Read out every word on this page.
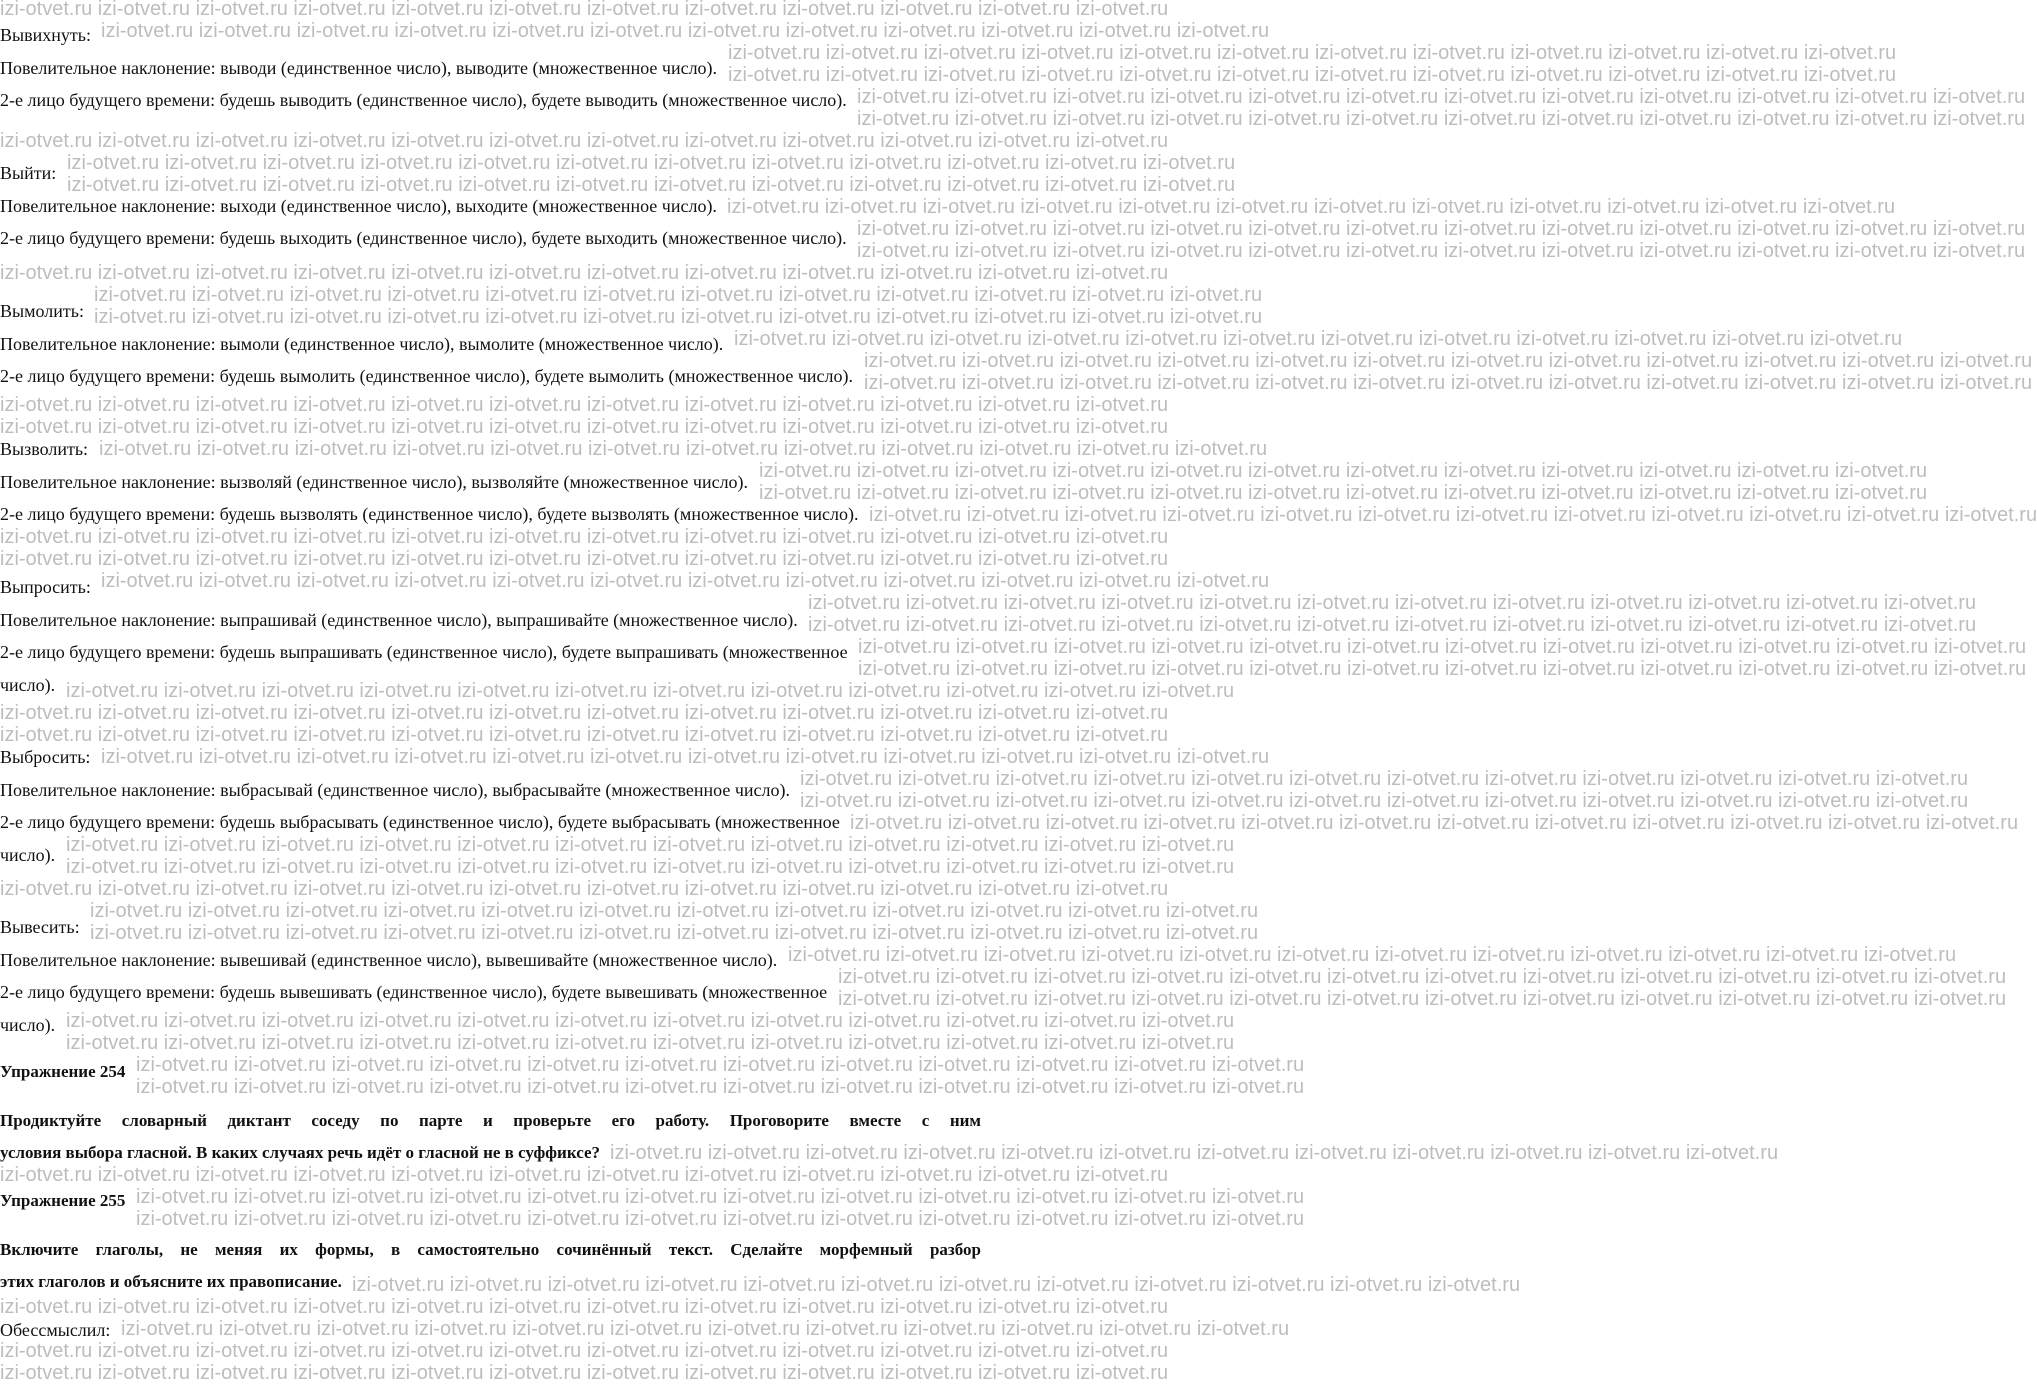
izi-otvet.ru izi-otvet.ru izi-otvet.ru izi-otvet.ru izi-otvet.ru izi-otvet.ru izi-otvet.ru izi-otvet.ru izi-otvet.ru izi-otvet.ru izi-otvet.ru izi-otvet.ru
izi-otvet.ru izi-otvet.ru izi-otvet.ru izi-otvet.ru izi-otvet.ru izi-otvet.ru izi-otvet.ru izi-otvet.ru izi-otvet.ru izi-otvet.ru izi-otvet.ru izi-otvet.ru
izi-otvet.ru izi-otvet.ru izi-otvet.ru izi-otvet.ru izi-otvet.ru izi-otvet.ru izi-otvet.ru izi-otvet.ru izi-otvet.ru izi-otvet.ru izi-otvet.ru izi-otvet.ru
izi-otvet.ru izi-otvet.ru izi-otvet.ru izi-otvet.ru izi-otvet.ru izi-otvet.ru izi-otvet.ru izi-otvet.ru izi-otvet.ru izi-otvet.ru izi-otvet.ru izi-otvet.ru
izi-otvet.ru izi-otvet.ru izi-otvet.ru izi-otvet.ru izi-otvet.ru izi-otvet.ru izi-otvet.ru izi-otvet.ru izi-otvet.ru izi-otvet.ru izi-otvet.ru izi-otvet.ru
izi-otvet.ru izi-otvet.ru izi-otvet.ru izi-otvet.ru izi-otvet.ru izi-otvet.ru izi-otvet.ru izi-otvet.ru izi-otvet.ru izi-otvet.ru izi-otvet.ru izi-otvet.ru
izi-otvet.ru izi-otvet.ru izi-otvet.ru izi-otvet.ru izi-otvet.ru izi-otvet.ru izi-otvet.ru izi-otvet.ru izi-otvet.ru izi-otvet.ru izi-otvet.ru izi-otvet.ru
izi-otvet.ru izi-otvet.ru izi-otvet.ru izi-otvet.ru izi-otvet.ru izi-otvet.ru izi-otvet.ru izi-otvet.ru izi-otvet.ru izi-otvet.ru izi-otvet.ru izi-otvet.ru
izi-otvet.ru izi-otvet.ru izi-otvet.ru izi-otvet.ru izi-otvet.ru izi-otvet.ru izi-otvet.ru izi-otvet.ru izi-otvet.ru izi-otvet.ru izi-otvet.ru izi-otvet.ru
izi-otvet.ru izi-otvet.ru izi-otvet.ru izi-otvet.ru izi-otvet.ru izi-otvet.ru izi-otvet.ru izi-otvet.ru izi-otvet.ru izi-otvet.ru izi-otvet.ru izi-otvet.ru
izi-otvet.ru izi-otvet.ru izi-otvet.ru izi-otvet.ru izi-otvet.ru izi-otvet.ru izi-otvet.ru izi-otvet.ru izi-otvet.ru izi-otvet.ru izi-otvet.ru izi-otvet.ru
izi-otvet.ru izi-otvet.ru izi-otvet.ru izi-otvet.ru izi-otvet.ru izi-otvet.ru izi-otvet.ru izi-otvet.ru izi-otvet.ru izi-otvet.ru izi-otvet.ru izi-otvet.ru
izi-otvet.ru izi-otvet.ru izi-otvet.ru izi-otvet.ru izi-otvet.ru izi-otvet.ru izi-otvet.ru izi-otvet.ru izi-otvet.ru izi-otvet.ru izi-otvet.ru izi-otvet.ru
izi-otvet.ru izi-otvet.ru izi-otvet.ru izi-otvet.ru izi-otvet.ru izi-otvet.ru izi-otvet.ru izi-otvet.ru izi-otvet.ru izi-otvet.ru izi-otvet.ru izi-otvet.ru
izi-otvet.ru izi-otvet.ru izi-otvet.ru izi-otvet.ru izi-otvet.ru izi-otvet.ru izi-otvet.ru izi-otvet.ru izi-otvet.ru izi-otvet.ru izi-otvet.ru izi-otvet.ru
izi-otvet.ru izi-otvet.ru izi-otvet.ru izi-otvet.ru izi-otvet.ru izi-otvet.ru izi-otvet.ru izi-otvet.ru izi-otvet.ru izi-otvet.ru izi-otvet.ru izi-otvet.ru
izi-otvet.ru izi-otvet.ru izi-otvet.ru izi-otvet.ru izi-otvet.ru izi-otvet.ru izi-otvet.ru izi-otvet.ru izi-otvet.ru izi-otvet.ru izi-otvet.ru izi-otvet.ru
izi-otvet.ru izi-otvet.ru izi-otvet.ru izi-otvet.ru izi-otvet.ru izi-otvet.ru izi-otvet.ru izi-otvet.ru izi-otvet.ru izi-otvet.ru izi-otvet.ru izi-otvet.ru
izi-otvet.ru izi-otvet.ru izi-otvet.ru izi-otvet.ru izi-otvet.ru izi-otvet.ru izi-otvet.ru izi-otvet.ru izi-otvet.ru izi-otvet.ru izi-otvet.ru izi-otvet.ru
izi-otvet.ru izi-otvet.ru izi-otvet.ru izi-otvet.ru izi-otvet.ru izi-otvet.ru izi-otvet.ru izi-otvet.ru izi-otvet.ru izi-otvet.ru izi-otvet.ru izi-otvet.ru
izi-otvet.ru izi-otvet.ru izi-otvet.ru izi-otvet.ru izi-otvet.ru izi-otvet.ru izi-otvet.ru izi-otvet.ru izi-otvet.ru izi-otvet.ru izi-otvet.ru izi-otvet.ru
izi-otvet.ru izi-otvet.ru izi-otvet.ru izi-otvet.ru izi-otvet.ru izi-otvet.ru izi-otvet.ru izi-otvet.ru izi-otvet.ru izi-otvet.ru izi-otvet.ru izi-otvet.ru
izi-otvet.ru izi-otvet.ru izi-otvet.ru izi-otvet.ru izi-otvet.ru izi-otvet.ru izi-otvet.ru izi-otvet.ru izi-otvet.ru izi-otvet.ru izi-otvet.ru izi-otvet.ru
izi-otvet.ru izi-otvet.ru izi-otvet.ru izi-otvet.ru izi-otvet.ru izi-otvet.ru izi-otvet.ru izi-otvet.ru izi-otvet.ru izi-otvet.ru izi-otvet.ru izi-otvet.ru
izi-otvet.ru izi-otvet.ru izi-otvet.ru izi-otvet.ru izi-otvet.ru izi-otvet.ru izi-otvet.ru izi-otvet.ru izi-otvet.ru izi-otvet.ru izi-otvet.ru izi-otvet.ru
izi-otvet.ru izi-otvet.ru izi-otvet.ru izi-otvet.ru izi-otvet.ru izi-otvet.ru izi-otvet.ru izi-otvet.ru izi-otvet.ru izi-otvet.ru izi-otvet.ru izi-otvet.ru
izi-otvet.ru izi-otvet.ru izi-otvet.ru izi-otvet.ru izi-otvet.ru izi-otvet.ru izi-otvet.ru izi-otvet.ru izi-otvet.ru izi-otvet.ru izi-otvet.ru izi-otvet.ru
izi-otvet.ru izi-otvet.ru izi-otvet.ru izi-otvet.ru izi-otvet.ru izi-otvet.ru izi-otvet.ru izi-otvet.ru izi-otvet.ru izi-otvet.ru izi-otvet.ru izi-otvet.ru
izi-otvet.ru izi-otvet.ru izi-otvet.ru izi-otvet.ru izi-otvet.ru izi-otvet.ru izi-otvet.ru izi-otvet.ru izi-otvet.ru izi-otvet.ru izi-otvet.ru izi-otvet.ru
izi-otvet.ru izi-otvet.ru izi-otvet.ru izi-otvet.ru izi-otvet.ru izi-otvet.ru izi-otvet.ru izi-otvet.ru izi-otvet.ru izi-otvet.ru izi-otvet.ru izi-otvet.ru
izi-otvet.ru izi-otvet.ru izi-otvet.ru izi-otvet.ru izi-otvet.ru izi-otvet.ru izi-otvet.ru izi-otvet.ru izi-otvet.ru izi-otvet.ru izi-otvet.ru izi-otvet.ru
izi-otvet.ru izi-otvet.ru izi-otvet.ru izi-otvet.ru izi-otvet.ru izi-otvet.ru izi-otvet.ru izi-otvet.ru izi-otvet.ru izi-otvet.ru izi-otvet.ru izi-otvet.ru
izi-otvet.ru izi-otvet.ru izi-otvet.ru izi-otvet.ru izi-otvet.ru izi-otvet.ru izi-otvet.ru izi-otvet.ru izi-otvet.ru izi-otvet.ru izi-otvet.ru izi-otvet.ru
izi-otvet.ru izi-otvet.ru izi-otvet.ru izi-otvet.ru izi-otvet.ru izi-otvet.ru izi-otvet.ru izi-otvet.ru izi-otvet.ru izi-otvet.ru izi-otvet.ru izi-otvet.ru
izi-otvet.ru izi-otvet.ru izi-otvet.ru izi-otvet.ru izi-otvet.ru izi-otvet.ru izi-otvet.ru izi-otvet.ru izi-otvet.ru izi-otvet.ru izi-otvet.ru izi-otvet.ru
izi-otvet.ru izi-otvet.ru izi-otvet.ru izi-otvet.ru izi-otvet.ru izi-otvet.ru izi-otvet.ru izi-otvet.ru izi-otvet.ru izi-otvet.ru izi-otvet.ru izi-otvet.ru
izi-otvet.ru izi-otvet.ru izi-otvet.ru izi-otvet.ru izi-otvet.ru izi-otvet.ru izi-otvet.ru izi-otvet.ru izi-otvet.ru izi-otvet.ru izi-otvet.ru izi-otvet.ru
izi-otvet.ru izi-otvet.ru izi-otvet.ru izi-otvet.ru izi-otvet.ru izi-otvet.ru izi-otvet.ru izi-otvet.ru izi-otvet.ru izi-otvet.ru izi-otvet.ru izi-otvet.ru
izi-otvet.ru izi-otvet.ru izi-otvet.ru izi-otvet.ru izi-otvet.ru izi-otvet.ru izi-otvet.ru izi-otvet.ru izi-otvet.ru izi-otvet.ru izi-otvet.ru izi-otvet.ru
izi-otvet.ru izi-otvet.ru izi-otvet.ru izi-otvet.ru izi-otvet.ru izi-otvet.ru izi-otvet.ru izi-otvet.ru izi-otvet.ru izi-otvet.ru izi-otvet.ru izi-otvet.ru
izi-otvet.ru izi-otvet.ru izi-otvet.ru izi-otvet.ru izi-otvet.ru izi-otvet.ru izi-otvet.ru izi-otvet.ru izi-otvet.ru izi-otvet.ru izi-otvet.ru izi-otvet.ru
izi-otvet.ru izi-otvet.ru izi-otvet.ru izi-otvet.ru izi-otvet.ru izi-otvet.ru izi-otvet.ru izi-otvet.ru izi-otvet.ru izi-otvet.ru izi-otvet.ru izi-otvet.ru
izi-otvet.ru izi-otvet.ru izi-otvet.ru izi-otvet.ru izi-otvet.ru izi-otvet.ru izi-otvet.ru izi-otvet.ru izi-otvet.ru izi-otvet.ru izi-otvet.ru izi-otvet.ru
izi-otvet.ru izi-otvet.ru izi-otvet.ru izi-otvet.ru izi-otvet.ru izi-otvet.ru izi-otvet.ru izi-otvet.ru izi-otvet.ru izi-otvet.ru izi-otvet.ru izi-otvet.ru
izi-otvet.ru izi-otvet.ru izi-otvet.ru izi-otvet.ru izi-otvet.ru izi-otvet.ru izi-otvet.ru izi-otvet.ru izi-otvet.ru izi-otvet.ru izi-otvet.ru izi-otvet.ru
izi-otvet.ru izi-otvet.ru izi-otvet.ru izi-otvet.ru izi-otvet.ru izi-otvet.ru izi-otvet.ru izi-otvet.ru izi-otvet.ru izi-otvet.ru izi-otvet.ru izi-otvet.ru
izi-otvet.ru izi-otvet.ru izi-otvet.ru izi-otvet.ru izi-otvet.ru izi-otvet.ru izi-otvet.ru izi-otvet.ru izi-otvet.ru izi-otvet.ru izi-otvet.ru izi-otvet.ru
izi-otvet.ru izi-otvet.ru izi-otvet.ru izi-otvet.ru izi-otvet.ru izi-otvet.ru izi-otvet.ru izi-otvet.ru izi-otvet.ru izi-otvet.ru izi-otvet.ru izi-otvet.ru
izi-otvet.ru izi-otvet.ru izi-otvet.ru izi-otvet.ru izi-otvet.ru izi-otvet.ru izi-otvet.ru izi-otvet.ru izi-otvet.ru izi-otvet.ru izi-otvet.ru izi-otvet.ru
izi-otvet.ru izi-otvet.ru izi-otvet.ru izi-otvet.ru izi-otvet.ru izi-otvet.ru izi-otvet.ru izi-otvet.ru izi-otvet.ru izi-otvet.ru izi-otvet.ru izi-otvet.ru
izi-otvet.ru izi-otvet.ru izi-otvet.ru izi-otvet.ru izi-otvet.ru izi-otvet.ru izi-otvet.ru izi-otvet.ru izi-otvet.ru izi-otvet.ru izi-otvet.ru izi-otvet.ru
izi-otvet.ru izi-otvet.ru izi-otvet.ru izi-otvet.ru izi-otvet.ru izi-otvet.ru izi-otvet.ru izi-otvet.ru izi-otvet.ru izi-otvet.ru izi-otvet.ru izi-otvet.ru
izi-otvet.ru izi-otvet.ru izi-otvet.ru izi-otvet.ru izi-otvet.ru izi-otvet.ru izi-otvet.ru izi-otvet.ru izi-otvet.ru izi-otvet.ru izi-otvet.ru izi-otvet.ru
izi-otvet.ru izi-otvet.ru izi-otvet.ru izi-otvet.ru izi-otvet.ru izi-otvet.ru izi-otvet.ru izi-otvet.ru izi-otvet.ru izi-otvet.ru izi-otvet.ru izi-otvet.ru
izi-otvet.ru izi-otvet.ru izi-otvet.ru izi-otvet.ru izi-otvet.ru izi-otvet.ru izi-otvet.ru izi-otvet.ru izi-otvet.ru izi-otvet.ru izi-otvet.ru izi-otvet.ru
izi-otvet.ru izi-otvet.ru izi-otvet.ru izi-otvet.ru izi-otvet.ru izi-otvet.ru izi-otvet.ru izi-otvet.ru izi-otvet.ru izi-otvet.ru izi-otvet.ru izi-otvet.ru
izi-otvet.ru izi-otvet.ru izi-otvet.ru izi-otvet.ru izi-otvet.ru izi-otvet.ru izi-otvet.ru izi-otvet.ru izi-otvet.ru izi-otvet.ru izi-otvet.ru izi-otvet.ru
izi-otvet.ru izi-otvet.ru izi-otvet.ru izi-otvet.ru izi-otvet.ru izi-otvet.ru izi-otvet.ru izi-otvet.ru izi-otvet.ru izi-otvet.ru izi-otvet.ru izi-otvet.ru
izi-otvet.ru izi-otvet.ru izi-otvet.ru izi-otvet.ru izi-otvet.ru izi-otvet.ru izi-otvet.ru izi-otvet.ru izi-otvet.ru izi-otvet.ru izi-otvet.ru izi-otvet.ru
Вывихнуть:
Повелительное наклонение: выводи (единственное число), выводите (множественное число).
2-е лицо будущего времени: будешь выводить (единственное число), будете выводить (множественное число).
Выйти:
Повелительное наклонение: выходи (единственное число), выходите (множественное число).
2-е лицо будущего времени: будешь выходить (единственное число), будете выходить (множественное число).
Вымолить:
Повелительное наклонение: вымоли (единственное число), вымолите (множественное число).
2-е лицо будущего времени: будешь вымолить (единственное число), будете вымолить (множественное число).
Вызволить:
Повелительное наклонение: вызволяй (единственное число), вызволяйте (множественное число).
2-е лицо будущего времени: будешь вызволять (единственное число), будете вызволять (множественное число).
Выпросить:
Повелительное наклонение: выпрашивай (единственное число), выпрашивайте (множественное число).
2-е лицо будущего времени: будешь выпрашивать (единственное число), будете выпрашивать (множественное
число).
Выбросить:
Повелительное наклонение: выбрасывай (единственное число), выбрасывайте (множественное число).
2-е лицо будущего времени: будешь выбрасывать (единственное число), будете выбрасывать (множественное
число).
Вывесить:
Повелительное наклонение: вывешивай (единственное число), вывешивайте (множественное число).
2-е лицо будущего времени: будешь вывешивать (единственное число), будете вывешивать (множественное
число).
Упражнение 254
Продиктуйте словарный диктант соседу по парте и проверьте его работу. Проговорите вместе с ним
условия выбора гласной. В каких случаях речь идёт о гласной не в суффиксе?
Упражнение 255
Включите глаголы, не меняя их формы, в самостоятельно сочинённый текст. Сделайте морфемный разбор
этих глаголов и объясните их правописание.
Обессмыслил:
